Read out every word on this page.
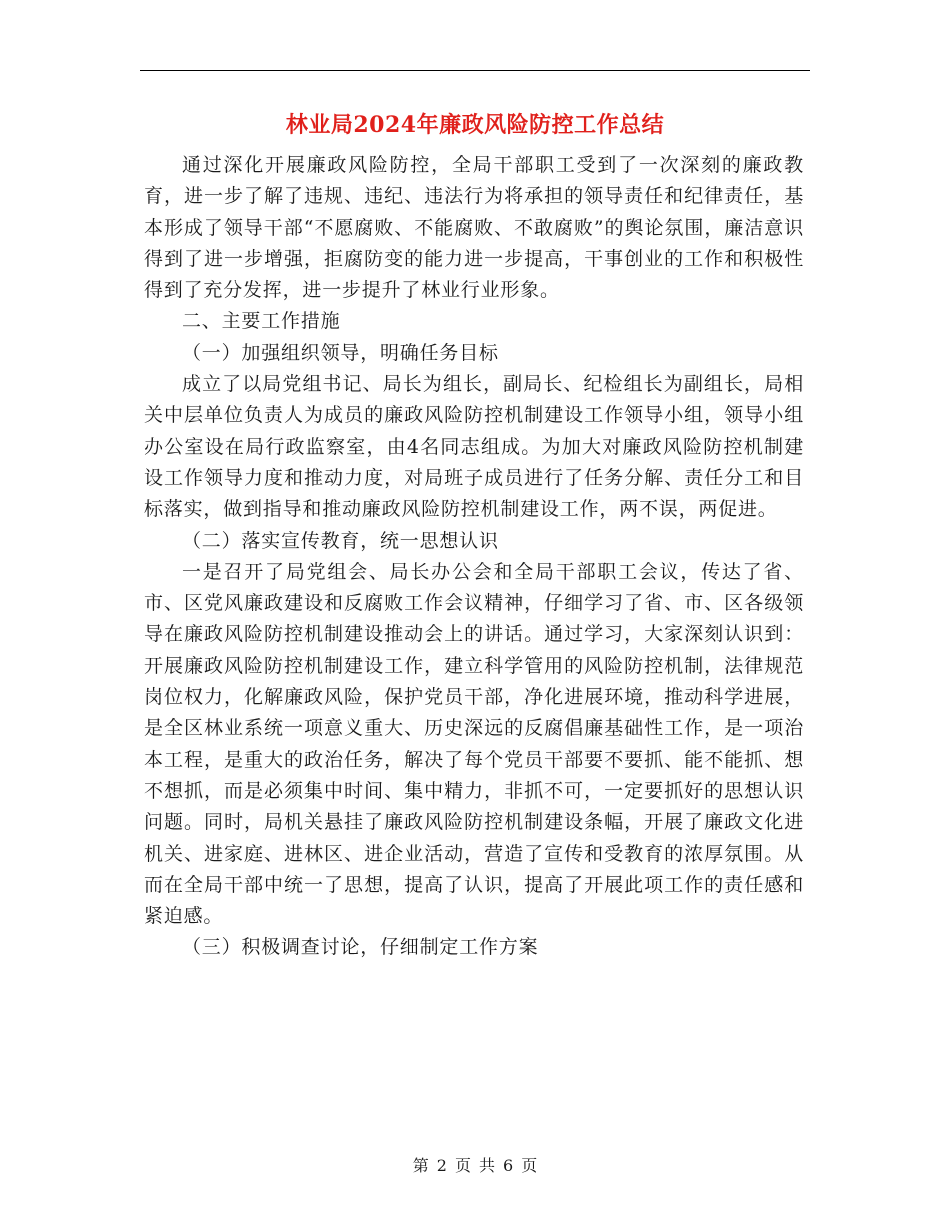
林业局2024年廉政风险防控工作总结

通过深化开展廉政风险防控，全局干部职工受到了一次深刻的廉政教育，进一步了解了违规、违纪、违法行为将承担的领导责任和纪律责任，基本形成了领导干部“不愿腐败、不能腐败、不敢腐败”的舆论氛围，廉洁意识得到了进一步增强，拒腐防变的能力进一步提高，干事创业的工作和积极性得到了充分发挥，进一步提升了林业行业形象。

二、主要工作措施

（一）加强组织领导，明确任务目标

成立了以局党组书记、局长为组长，副局长、纪检组长为副组长，局相关中层单位负责人为成员的廉政风险防控机制建设工作领导小组，领导小组办公室设在局行政监察室，由4名同志组成。为加大对廉政风险防控机制建设工作领导力度和推动力度，对局班子成员进行了任务分解、责任分工和目标落实，做到指导和推动廉政风险防控机制建设工作，两不误，两促进。

（二）落实宣传教育，统一思想认识

一是召开了局党组会、局长办公会和全局干部职工会议，传达了省、市、区党风廉政建设和反腐败工作会议精神，仔细学习了省、市、区各级领导在廉政风险防控机制建设推动会上的讲话。通过学习，大家深刻认识到：开展廉政风险防控机制建设工作，建立科学管用的风险防控机制，法律规范岗位权力，化解廉政风险，保护党员干部，净化进展环境，推动科学进展，是全区林业系统一项意义重大、历史深远的反腐倡廉基础性工作，是一项治本工程，是重大的政治任务，解决了每个党员干部要不要抓、能不能抓、想不想抓，而是必须集中时间、集中精力，非抓不可，一定要抓好的思想认识问题。同时，局机关悬挂了廉政风险防控机制建设条幅，开展了廉政文化进机关、进家庭、进林区、进企业活动，营造了宣传和受教育的浓厚氛围。从而在全局干部中统一了思想，提高了认识，提高了开展此项工作的责任感和紧迫感。

（三）积极调查讨论，仔细制定工作方案

第 2 页 共 6 页
